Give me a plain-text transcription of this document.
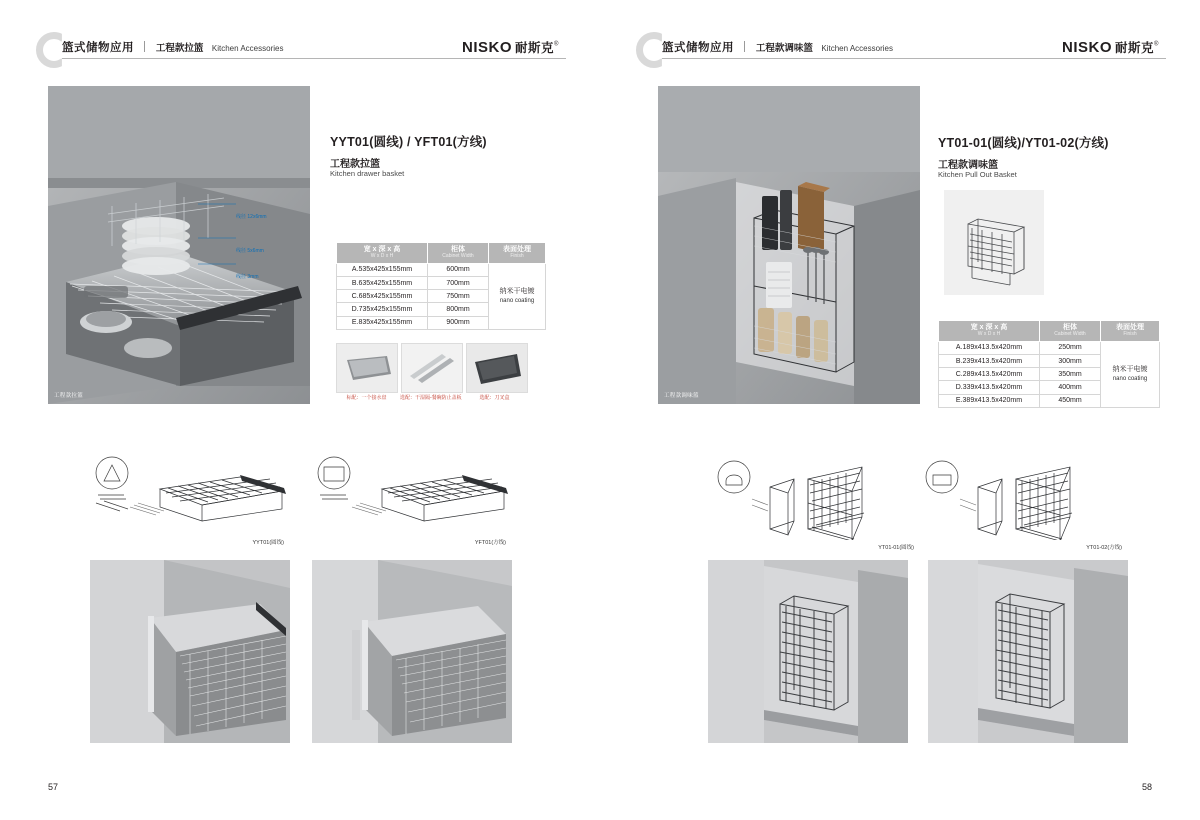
篮式储物应用 工程款拉篮 Kitchen Accessories	NISKO 耐斯克®
线径 12x6mm
线径 5x6mm
线径 3mm
工程款拉篮
YYT01(圆线) / YFT01(方线)
工程款拉篮
Kitchen drawer basket
宽 x 深 x 高
W x D x H	柜体
Cabinet Width	表面处理
Finish

A.535x425x155mm	600mm	纳米干电镀
nano coating

B.635x425x155mm	700mm	
C.685x425x155mm	750mm	
D.735x425x155mm	800mm	
E.835x425x155mm	900mm	
标配：一个接水盘	选配：干湿隔-餐碗防止盖板	选配：刀叉盒
YYT01(圆线)	YFT01(方线)
57
篮式储物应用 工程款调味篮 Kitchen Accessories	NISKO 耐斯克®
工程款调味篮
YT01-01(圆线)/YT01-02(方线)
工程款调味篮
Kitchen Pull Out Basket
宽 x 深 x 高
W x D x H	柜体
Cabinet Width	表面处理
Finish

A.189x413.5x420mm	250mm	纳米干电镀
nano coating

B.239x413.5x420mm	300mm	
C.289x413.5x420mm	350mm	
D.339x413.5x420mm	400mm	
E.389x413.5x420mm	450mm	
YT01-01(圆线)	YT01-02(方线)
58
